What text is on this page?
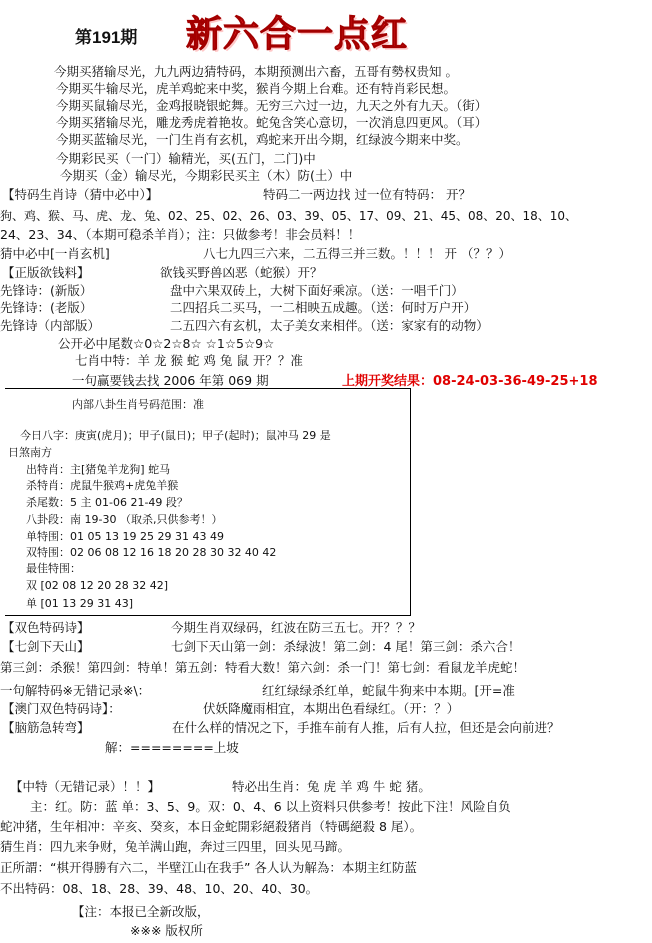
第191期 新六合一点红
今期买猪输尽光，九九两边猜特码，本期预测出六畜，五哥有勢权贵知 。
今期买牛输尽光，虎羊鸡蛇来中奖，猴肖今期上台难。还有特肖彩民想。
今期买鼠输尽光，金鸡报晓银蛇舞。无穷三六过一边，九天之外有九天。（街）
今期买猪输尽光，雕龙秀虎着艳妆。蛇兔含笑心意切，一次消息四更风。（耳）
今期买蓝输尽光，一门生肖有玄机，鸡蛇来开出今期，红绿波今期来中奖。
今期彩民买（一门）输精光，买(五门，二门)中
今期买（金）输尽光，今期彩民买主（木）防(土）中
【特码生肖诗（猜中必中）】	特码二一两边找 过一位有特码： 开？
狗、鸡、猴、马、虎、龙、兔、02、25、02、26、03、39、05、17、09、21、45、08、20、18、10、
24、23、34、（本期可稳杀羊肖）；注：只做参考！非会员料！！
猜中必中[一肖玄机]	八七九四三六来，二五得三并三数。！！！ 开 （？？）
【正版欲钱料】	欲钱买野兽凶恶（蛇猴）开？
先锋诗：(新版）	盘中六果双砖上，大树下面好乘凉。（送：一唱千门）
先锋诗：(老版）	二四招兵二买马，一二相映五成趣。（送：何时万户开）
先锋诗（内部版）	二五四六有玄机，太子美女来相伴。（送：家家有的动物）
公开必中尾数☆0☆2☆8☆ ☆1☆5☆9☆
七肖中特：羊 龙 猴 蛇 鸡 兔 鼠 开？？准
一句赢要钱去找 2006 年第 069 期	上期开奖结果：08-24-03-36-49-25+18
内部八卦生肖号码范围：准
今日八字：庚寅(虎月)；甲子(鼠日)；甲子(起时)；鼠冲马 29 是
日煞南方
出特肖：主[猪兔羊龙狗] 蛇马
杀特肖：虎鼠牛猴鸡+虎兔羊猴
杀尾数：5 主 01-06 21-49 段？
八卦段：南 19-30 （取杀,只供参考！）
单特围：01 05 13 19 25 29 31 43 49
双特围：02 06 08 12 16 18 20 28 30 32 40 42
最佳特围：
双 [02 08 12 20 28 32 42]
单 [01 13 29 31 43]
【双色特码诗】	今期生肖双绿码，红波在防三五七。开？？？
【七剑下天山】	七剑下天山第一剑：杀绿波！第二剑：4 尾！第三剑：杀六合！
第三剑：杀猴！第四剑：特单！第五剑：特看大数！第六剑：杀一门！第七剑：看鼠龙羊虎蛇！
一句解特码※无错记录※\：	红红绿绿杀红单，蛇鼠牛狗来中本期。[开=准
【澳门双色特码诗】：	伏妖降魔雨相宜，本期出色看绿红。（开：？）
【脑筋急转弯】	在什么样的情况之下，手推车前有人推，后有人拉，但还是会向前进？
解：========上坡
【中特（无错记录）！！】	特必出生肖：兔 虎 羊 鸡 牛 蛇 猪。
主：红。防：蓝 单：3、5、9。双：0、4、6 以上资料只供参考！按此下注！风险自负
蛇冲猪，生年相冲：辛亥、癸亥，本日金蛇開彩絕殺猪肖（特碼絕殺 8 尾）。
猜生肖：四九来争财，兔羊满山跑，奔过三四里，回头见马蹄。
正所謂：“棋开得勝有六二，半壁江山在我手” 各人认为解為：本期主红防蓝
不出特码：08、18、28、39、48、10、20、40、30。
【注：本报已全新改版，
※※※ 版权所
